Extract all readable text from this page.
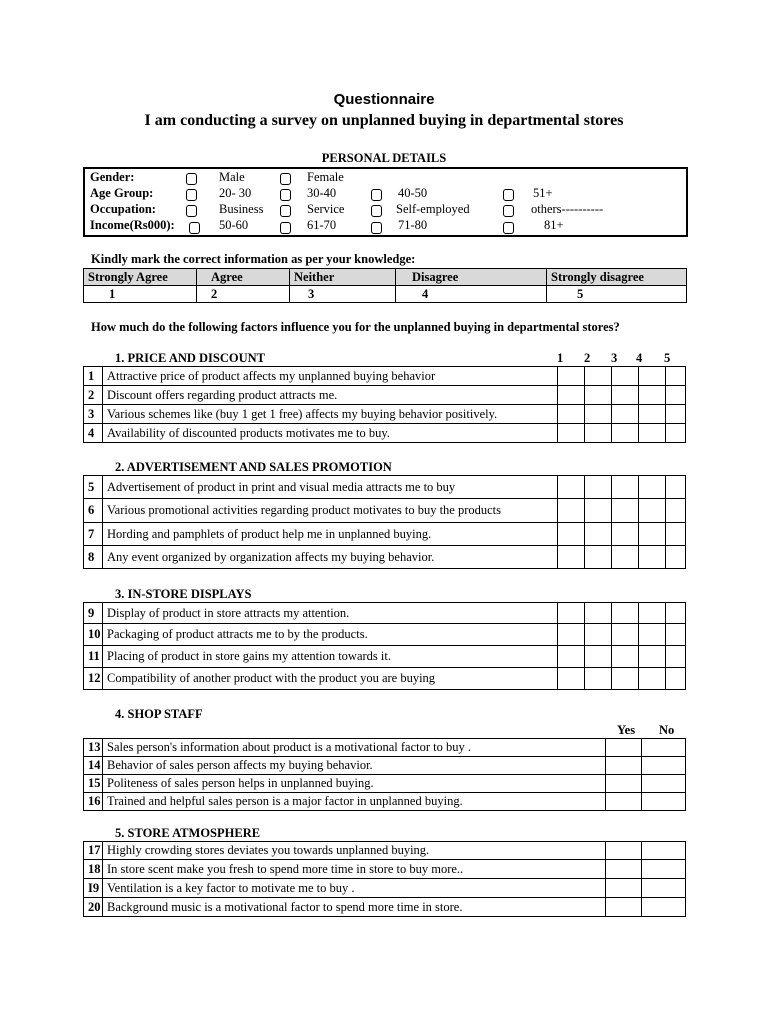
Questionnaire
I am conducting a survey on unplanned buying in departmental stores
PERSONAL DETAILS
Gender:	Male	Female
Age Group:	20- 30	30-40	40-50	51+
Occupation:	Business	Service	Self-employed	others----------
Income(Rs000):	50-60	61-70	71-80	81+
Kindly mark the correct information as per your knowledge:
Strongly Agree	Agree	Neither	Disagree	Strongly disagree
1	2	3	4	5
How much do the following factors influence you for the unplanned buying in departmental stores?
1. PRICE AND DISCOUNT	1 2 3 4 5
1	Attractive price of product affects my unplanned buying behavior					
2	Discount offers regarding product attracts me.					
3	Various schemes like (buy 1 get 1 free) affects my buying behavior positively.					
4	Availability of discounted products motivates me to buy.					
2. ADVERTISEMENT AND SALES PROMOTION
5	Advertisement of product in print and visual media attracts me to buy					
6	Various promotional activities regarding product motivates to buy the products					
7	Hording and pamphlets of product help me in unplanned buying.					
8	Any event organized by organization affects my buying behavior.					
3. IN-STORE DISPLAYS
9	Display of product in store attracts my attention.					
10	Packaging of product attracts me to by the products.					
11	Placing of product in store gains my attention towards it.					
12	Compatibility of another product with the product you are buying					
4. SHOP STAFF
Yes No
13	Sales person's information about product is a motivational factor to buy .		
14	Behavior of sales person affects my buying behavior.		
15	Politeness of sales person helps in unplanned buying.		
16	Trained and helpful sales person is a major factor in unplanned buying.		
5. STORE ATMOSPHERE
17	Highly crowding stores deviates you towards unplanned buying.		
18	In store scent make you fresh to spend more time in store to buy more..		
I9	Ventilation is a key factor to motivate me to buy .		
20	Background music is a motivational factor to spend more time in store.		
